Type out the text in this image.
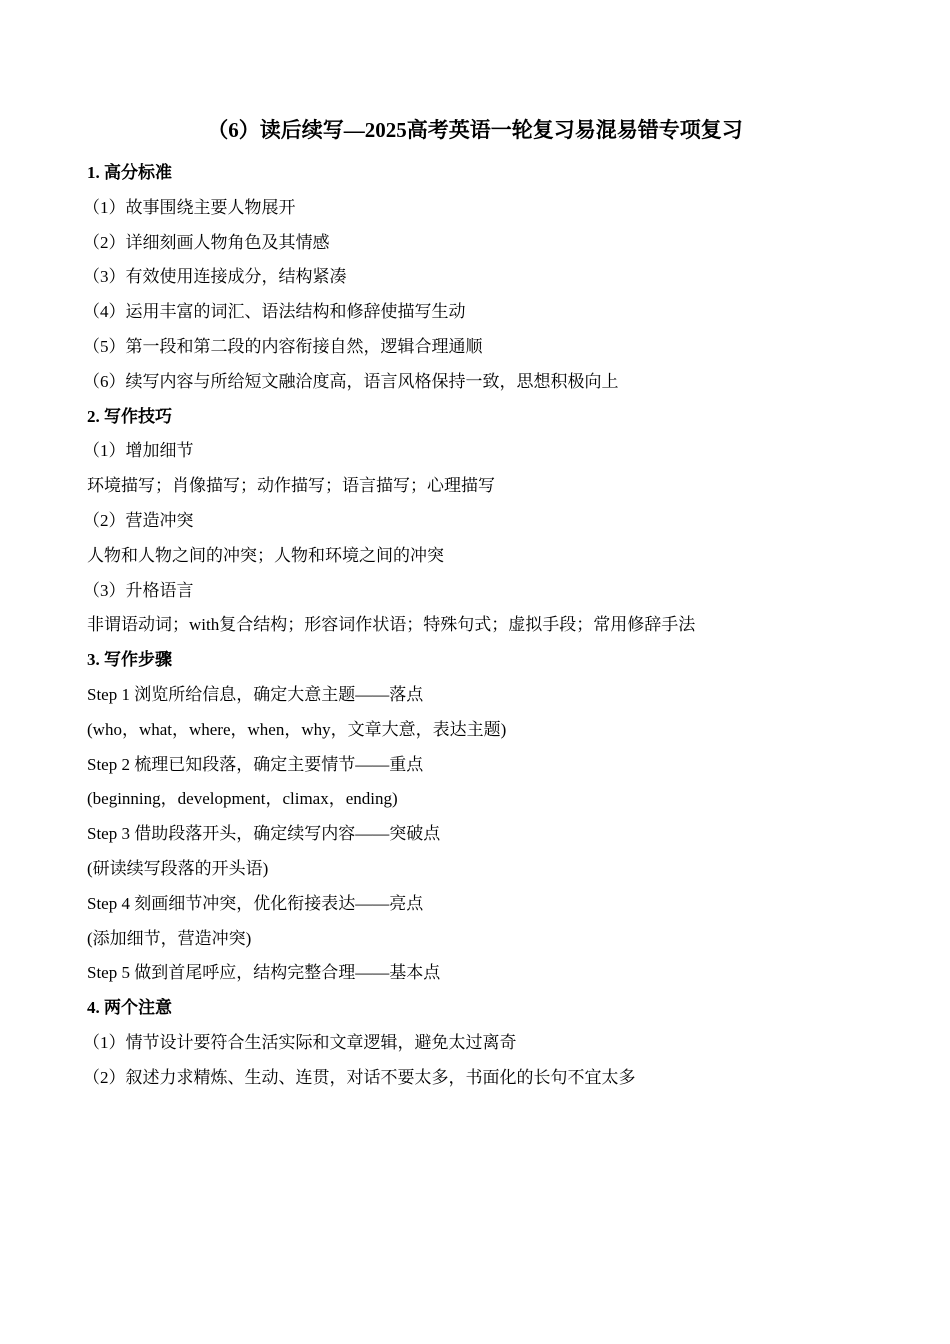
（6）读后续写—2025高考英语一轮复习易混易错专项复习
1. 高分标准
（1）故事围绕主要人物展开
（2）详细刻画人物角色及其情感
（3）有效使用连接成分，结构紧凑
（4）运用丰富的词汇、语法结构和修辞使描写生动
（5）第一段和第二段的内容衔接自然，逻辑合理通顺
（6）续写内容与所给短文融洽度高，语言风格保持一致，思想积极向上
2. 写作技巧
（1）增加细节
环境描写；肖像描写；动作描写；语言描写；心理描写
（2）营造冲突
人物和人物之间的冲突；人物和环境之间的冲突
（3）升格语言
非谓语动词；with复合结构；形容词作状语；特殊句式；虚拟手段；常用修辞手法
3. 写作步骤
Step 1 浏览所给信息，确定大意主题——落点
(who，what，where，when，why，文章大意，表达主题)
Step 2 梳理已知段落，确定主要情节——重点
(beginning，development，climax，ending)
Step 3 借助段落开头，确定续写内容——突破点
(研读续写段落的开头语)
Step 4 刻画细节冲突，优化衔接表达——亮点
(添加细节，营造冲突)
Step 5 做到首尾呼应，结构完整合理——基本点
4. 两个注意
（1）情节设计要符合生活实际和文章逻辑，避免太过离奇
（2）叙述力求精炼、生动、连贯，对话不要太多，书面化的长句不宜太多
